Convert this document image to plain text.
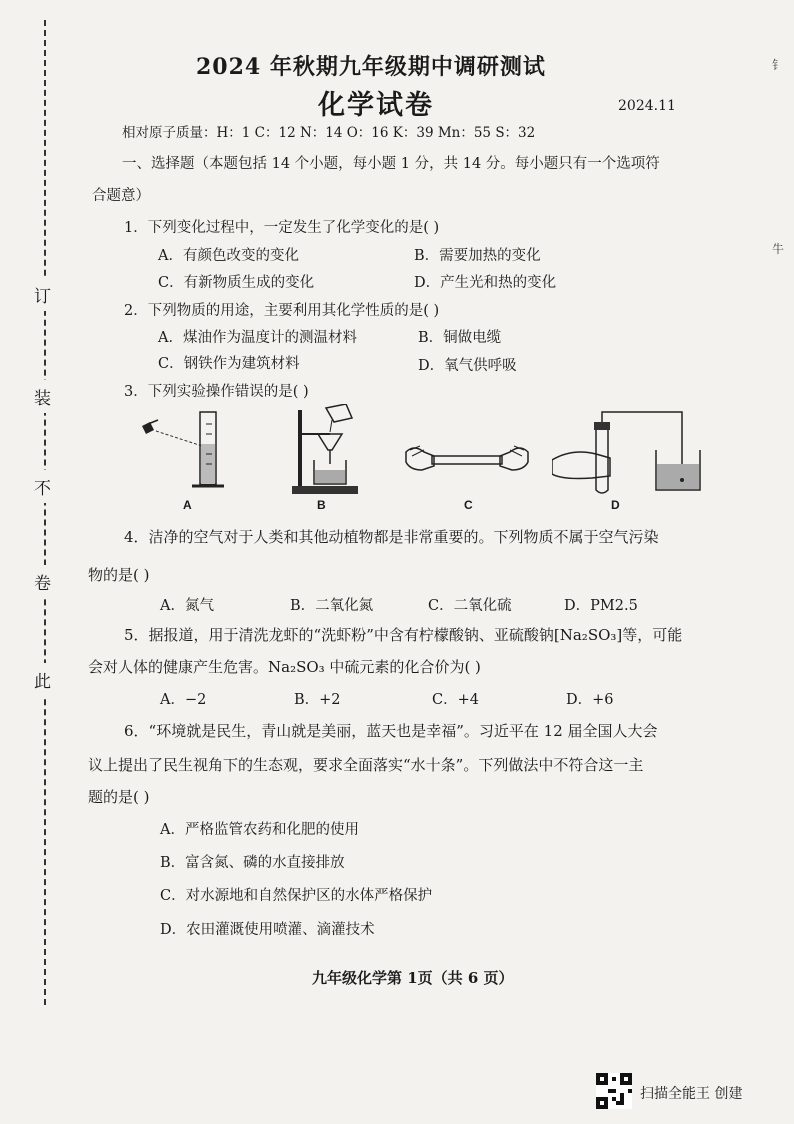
订
装
不
卷
此
钅
牛
2024 年秋期九年级期中调研测试
化学试卷	2024.11
相对原子质量：H：1 C：12 N：14 O：16 K：39 Mn：55 S：32
一、选择题（本题包括 14 个小题，每小题 1 分，共 14 分。每小题只有一个选项符
合题意）
1．下列变化过程中，一定发生了化学变化的是( )
A．有颜色改变的变化	B．需要加热的变化
C．有新物质生成的变化	D．产生光和热的变化
2．下列物质的用途，主要利用其化学性质的是( )
A．煤油作为温度计的测温材料	B．铜做电缆
C．钢铁作为建筑材料	D．氧气供呼吸
3．下列实验操作错误的是( )
A	B	C	D
4．洁净的空气对于人类和其他动植物都是非常重要的。下列物质不属于空气污染
物的是( )
A．氮气	B．二氧化氮	C．二氧化硫	D．PM2.5
5．据报道，用于清洗龙虾的“洗虾粉”中含有柠檬酸钠、亚硫酸钠[Na₂SO₃]等，可能
会对人体的健康产生危害。Na₂SO₃ 中硫元素的化合价为( )
A．−2	B．+2	C．+4	D．+6
6．“环境就是民生，青山就是美丽，蓝天也是幸福”。习近平在 12 届全国人大会
议上提出了民生视角下的生态观，要求全面落实“水十条”。下列做法中不符合这一主
题的是( )
A．严格监管农药和化肥的使用
B．富含氮、磷的水直接排放
C．对水源地和自然保护区的水体严格保护
D．农田灌溉使用喷灌、滴灌技术
九年级化学第 1页（共 6 页）
扫描全能王 创建
